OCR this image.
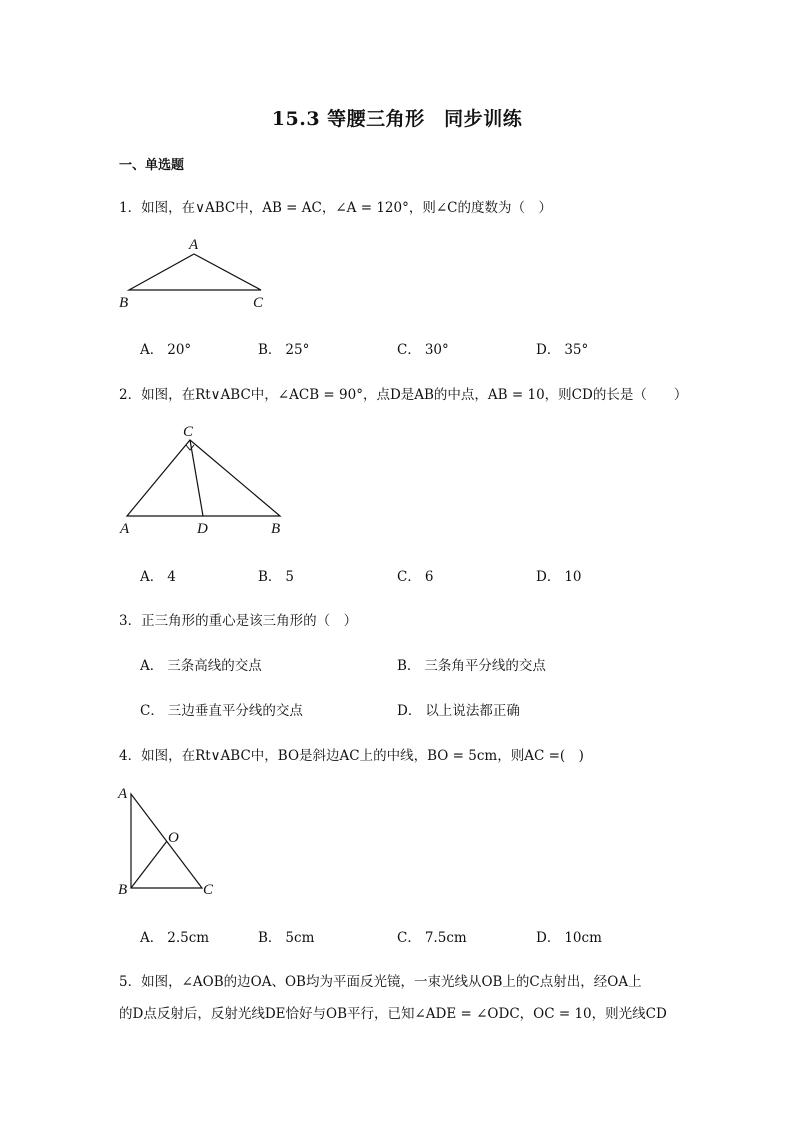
15.3 等腰三角形　同步训练
一、单选题
1．如图，在∨ABC中，AB = AC，∠A = 120°，则∠C的度数为（　）
A
B	C
A． 20°	B． 25°	C． 30°	D． 35°
2．如图，在Rt∨ABC中，∠ACB = 90°，点D是AB的中点，AB = 10，则CD的长是（　　）
C
A	D	B
A． 4	B． 5	C． 6	D． 10
3．正三角形的重心是该三角形的（　）
A． 三条高线的交点	B． 三条角平分线的交点
C． 三边垂直平分线的交点	D． 以上说法都正确
4．如图，在Rt∨ABC中，BO是斜边AC上的中线，BO = 5cm，则AC =(　)
A
O
B	C
A． 2.5cm	B． 5cm	C． 7.5cm	D． 10cm
5．如图，∠AOB的边OA、OB均为平面反光镜，一束光线从OB上的C点射出，经OA上
的D点反射后，反射光线DE恰好与OB平行，已知∠ADE = ∠ODC，OC = 10，则光线CD
